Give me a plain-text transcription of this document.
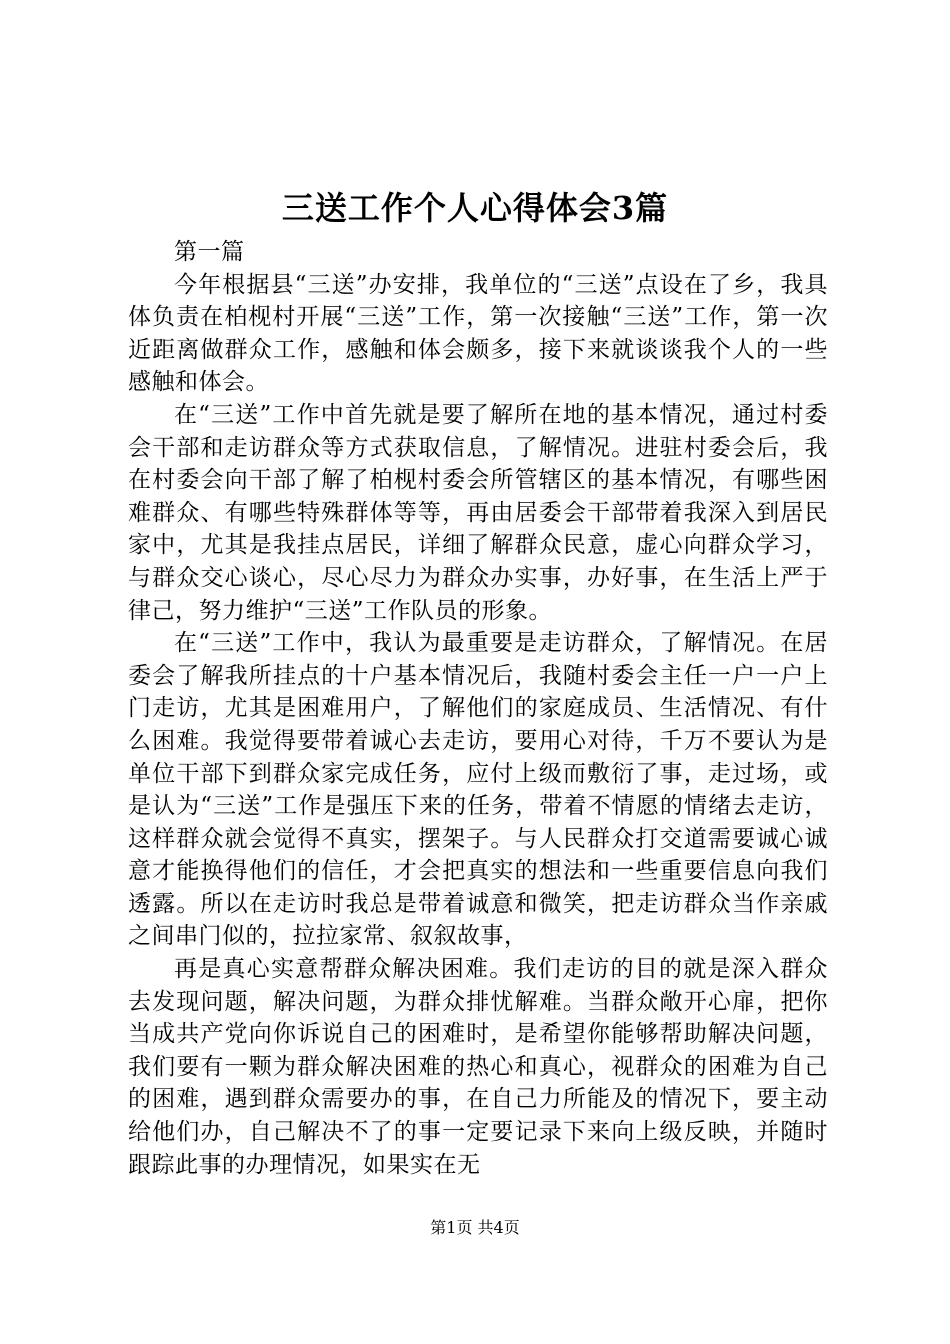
三送工作个人心得体会3篇

第一篇

今年根据县“三送”办安排，我单位的“三送”点设在了乡，我具体负责在柏枧村开展“三送”工作，第一次接触“三送”工作，第一次近距离做群众工作，感触和体会颇多，接下来就谈谈我个人的一些感触和体会。

在“三送”工作中首先就是要了解所在地的基本情况，通过村委会干部和走访群众等方式获取信息，了解情况。进驻村委会后，我在村委会向干部了解了柏枧村委会所管辖区的基本情况，有哪些困难群众、有哪些特殊群体等等，再由居委会干部带着我深入到居民家中，尤其是我挂点居民，详细了解群众民意，虚心向群众学习，与群众交心谈心，尽心尽力为群众办实事，办好事，在生活上严于律己，努力维护“三送”工作队员的形象。

在“三送”工作中，我认为最重要是走访群众，了解情况。在居委会了解我所挂点的十户基本情况后，我随村委会主任一户一户上门走访，尤其是困难用户，了解他们的家庭成员、生活情况、有什么困难。我觉得要带着诚心去走访，要用心对待，千万不要认为是单位干部下到群众家完成任务，应付上级而敷衍了事，走过场，或是认为“三送”工作是强压下来的任务，带着不情愿的情绪去走访，这样群众就会觉得不真实，摆架子。与人民群众打交道需要诚心诚意才能换得他们的信任，才会把真实的想法和一些重要信息向我们透露。所以在走访时我总是带着诚意和微笑，把走访群众当作亲戚之间串门似的，拉拉家常、叙叙故事，

再是真心实意帮群众解决困难。我们走访的目的就是深入群众去发现问题，解决问题，为群众排忧解难。当群众敞开心扉，把你当成共产党向你诉说自己的困难时，是希望你能够帮助解决问题，我们要有一颗为群众解决困难的热心和真心，视群众的困难为自己的困难，遇到群众需要办的事，在自己力所能及的情况下，要主动给他们办，自己解决不了的事一定要记录下来向上级反映，并随时跟踪此事的办理情况，如果实在无

第1页 共4页
